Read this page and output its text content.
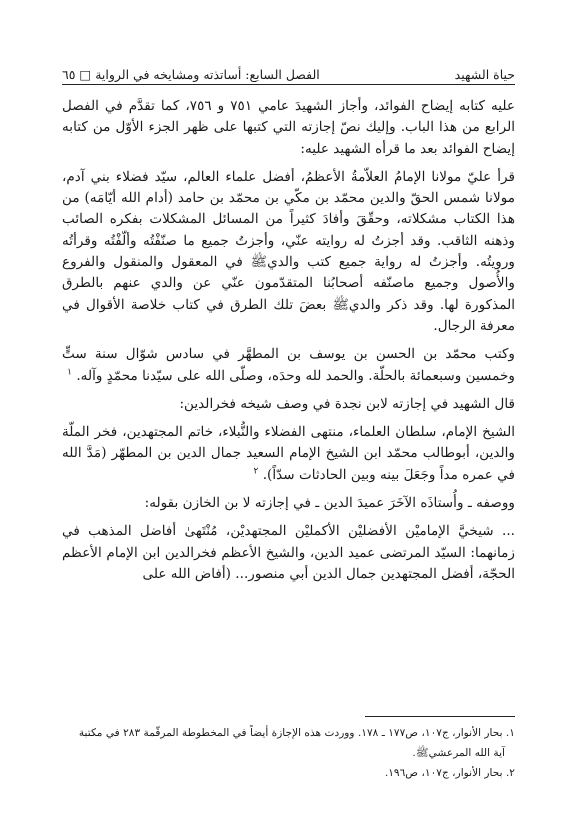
حياة الشهيد
الفصل السابع: أساتذته ومشايخه في الرواية □ ٦٥

عليه كتابه إيضاح الفوائد، وأجاز الشهيدَ عامي ٧٥١ و ٧٥٦، كما تقدَّم في الفصل الرابع من هذا الباب. وإليك نصّ إجازته التي كتبها على ظهر الجزء الأوّل من كتابه إيضاح الفوائد بعد ما قرأه الشهيد عليه:

قرأ عليّ مولانا الإمامُ العلاّمةُ الأعظمُ، أفضل علماء العالم، سيّد فضلاء بني آدم، مولانا شمس الحقّ والدين محمّد بن مكّي بن محمّد بن حامد (أدام الله أيّامَه) من هذا الكتاب مشكلاته، وحقّقَ وأفادَ كثيراً من المسائل المشكلات بفكره الصائب وذهنه الثاقب. وقد أجزتُ له روايته عنّي، وأجزتُ جميع ما صنّفْتُه وألّفْتُه وقرأتُه ورويتُه. وأجزتُ له رواية جميع كتب والديﷺ في المعقول والمنقول والفروع والأُصول وجميع ماصنّفه أصحابُنا المتقدّمون عنّي عن والدي عنهم بالطرق المذكورة لها. وقد ذكر والديﷺ بعضَ تلك الطرق في كتاب خلاصة الأقوال في معرفة الرجال.

وكتب محمّد بن الحسن بن يوسف بن المطهَّر في سادس شوّال سنة ستٍّ وخمسين وسبعمائة بالحلّة. والحمد لله وحدَه، وصلّى الله على سيّدنا محمّدٍ وآله. $^١$

قال الشهيد في إجازته لابن نجدة في وصف شيخه فخرالدين:

الشيخ الإمام، سلطان العلماء، منتهى الفضلاء والنُّبلاء، خاتم المجتهدين، فخر الملّة والدين، أبوطالب محمّد ابن الشيخ الإمام السعيد جمال الدين بن المطهّر (مَدَّ الله في عمره مداً وجَعَلَ بينه وبين الحادثات سدّاً). $^٢$

ووصفه ـ وأُستاذَه الآخَرَ عميدَ الدين ـ في إجازته لا بن الخازن بقوله:

... شيخيَّ الإماميْن الأفضليْن الأكمليْن المجتهديْن، مُنْتَهىٰ أفاضل المذهب في زمانهما: السيّد المرتضى عميد الدين، والشيخ الأعظم فخرالدين ابن الإمام الأعظم الحجّة، أفضل المجتهدين جمال الدين أبي منصور... (أفاض الله على

١. بحار الأنوار، ج١٠٧، ص١٧٧ ـ ١٧٨. ووردت هذه الإجازة أيضاً في المخطوطة المرقّمة ٢٨٣ في مكتبة
آية الله المرعشيﷺ.
٢. بحار الأنوار، ج١٠٧، ص١٩٦.
